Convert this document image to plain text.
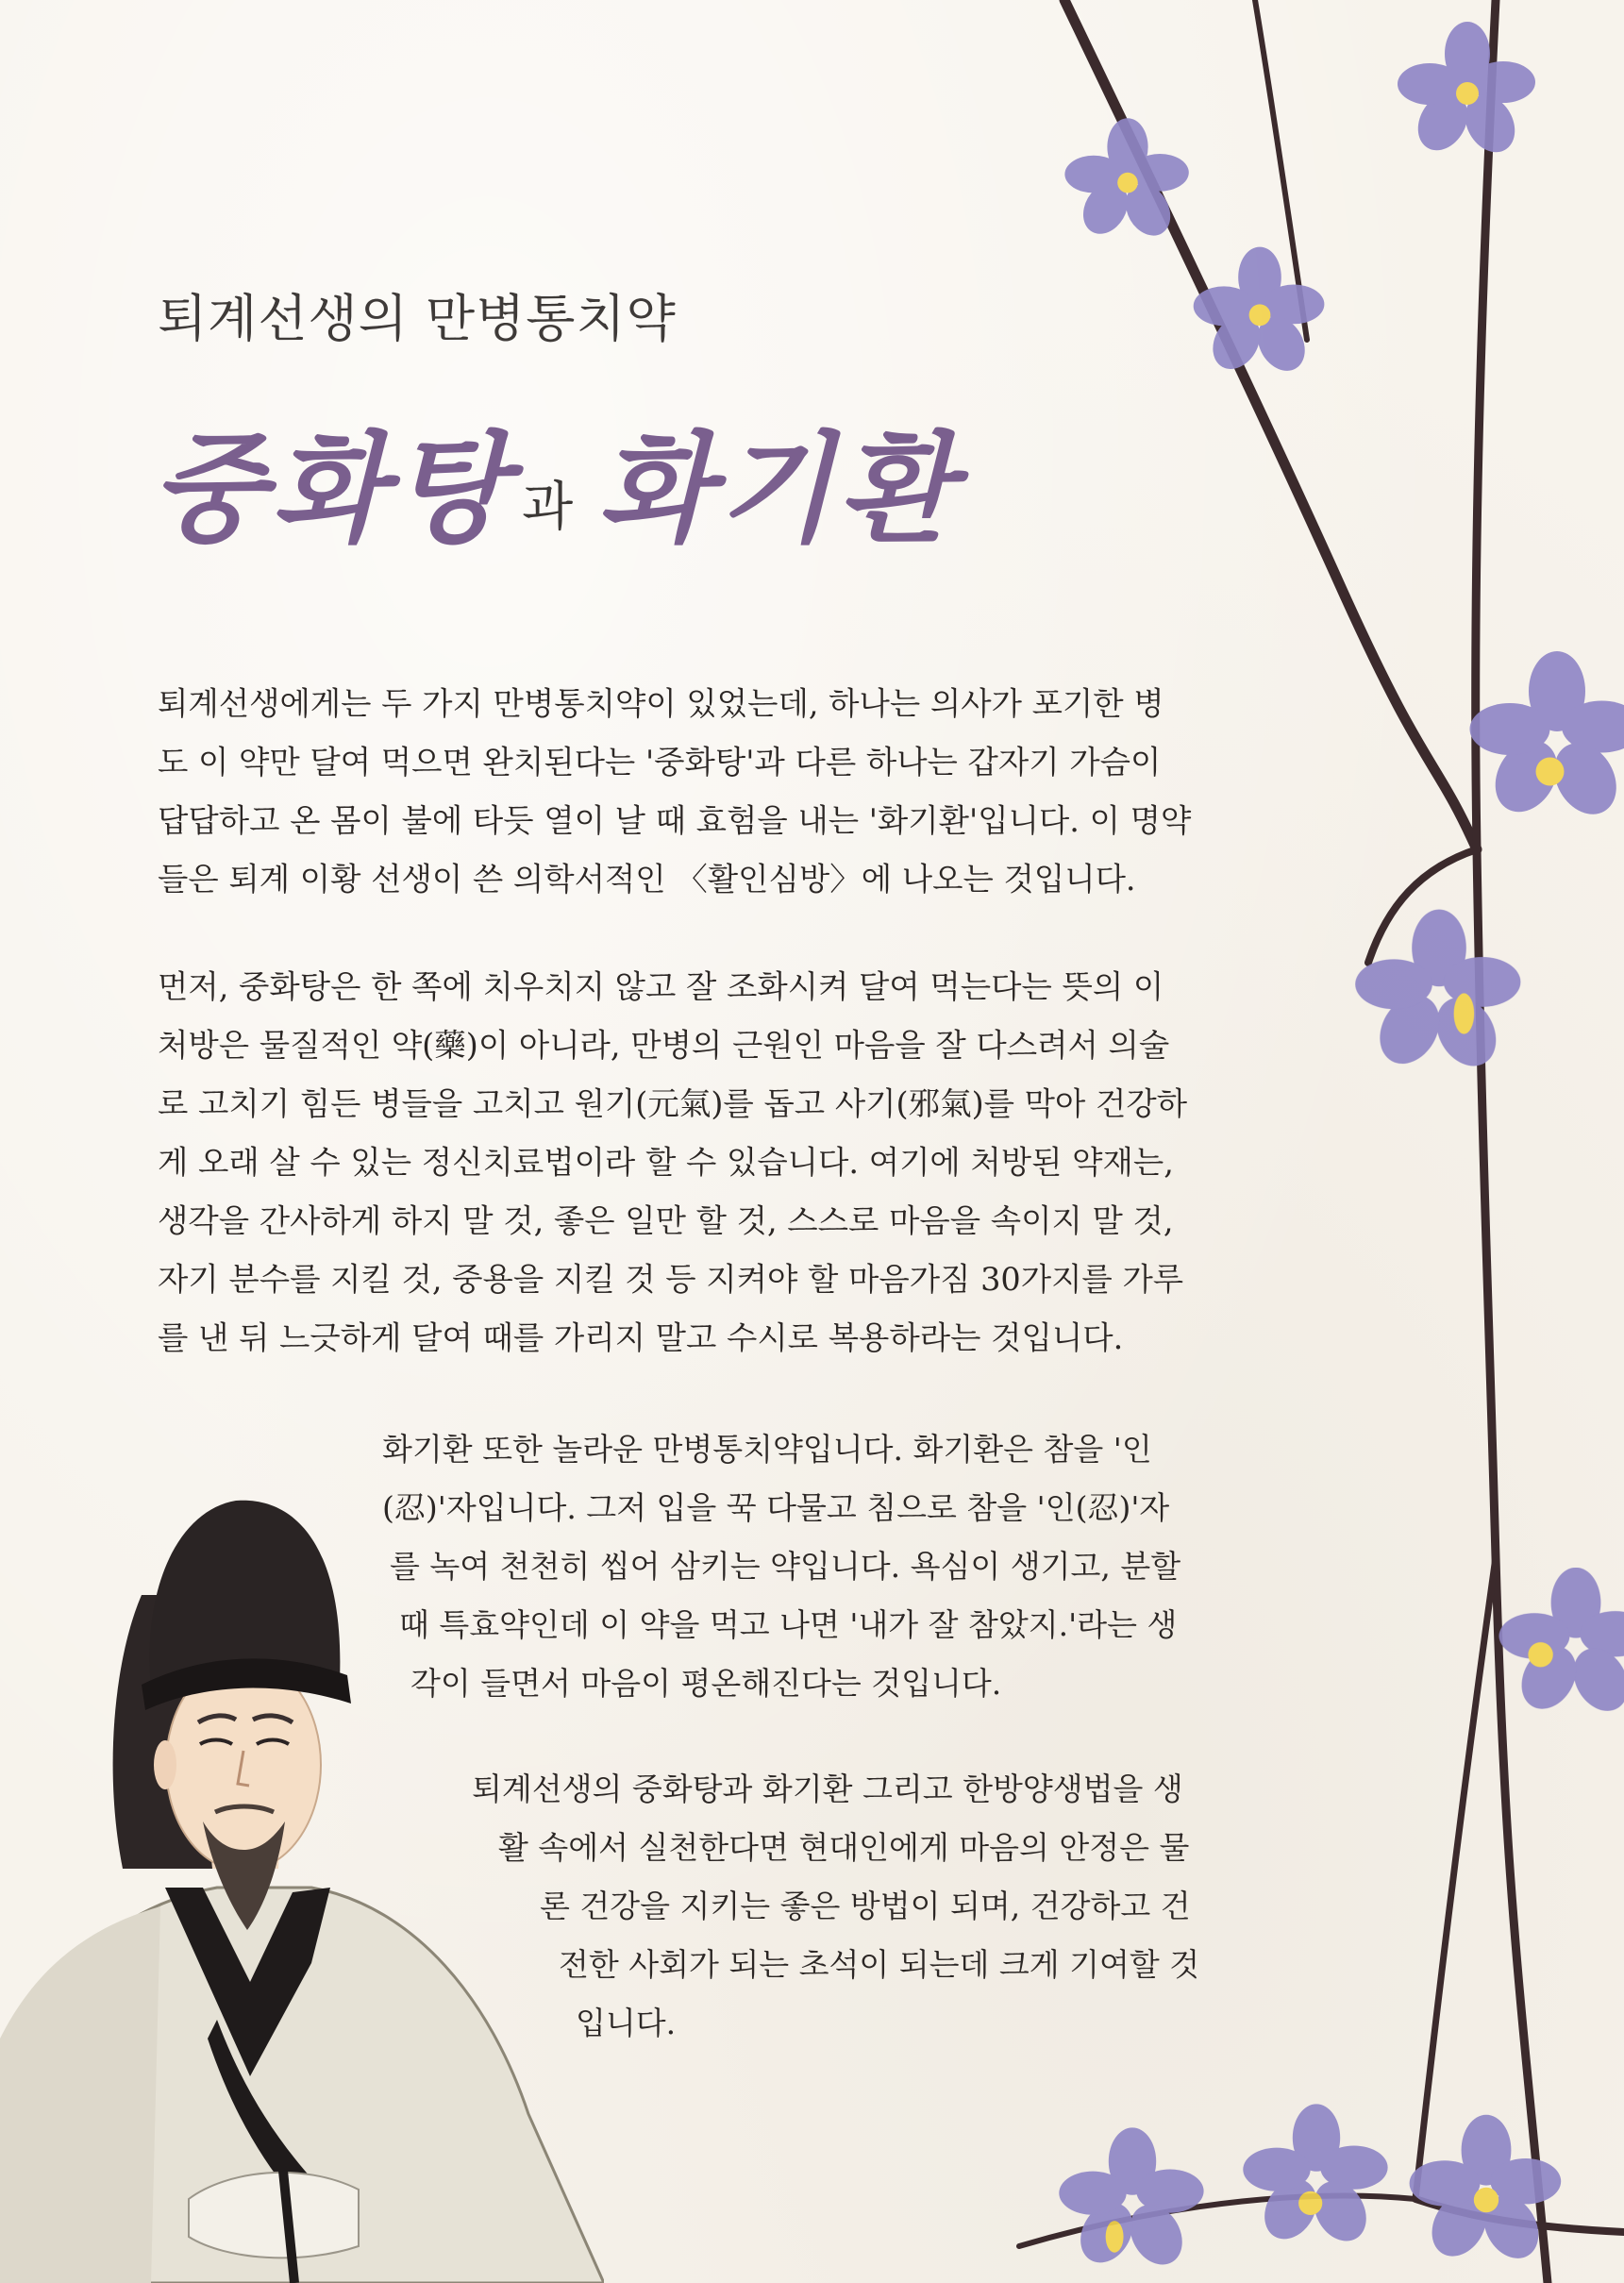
퇴계선생의 만병통치약
중화탕 과 화기환

퇴계선생에게는 두 가지 만병통치약이 있었는데, 하나는 의사가 포기한 병
도 이 약만 달여 먹으면 완치된다는 '중화탕'과 다른 하나는 갑자기 가슴이
답답하고 온 몸이 불에 타듯 열이 날 때 효험을 내는 '화기환'입니다. 이 명약
들은 퇴계 이황 선생이 쓴 의학서적인 〈활인심방〉에 나오는 것입니다.

먼저, 중화탕은 한 쪽에 치우치지 않고 잘 조화시켜 달여 먹는다는 뜻의 이
처방은 물질적인 약(藥)이 아니라, 만병의 근원인 마음을 잘 다스려서 의술
로 고치기 힘든 병들을 고치고 원기(元氣)를 돕고 사기(邪氣)를 막아 건강하
게 오래 살 수 있는 정신치료법이라 할 수 있습니다. 여기에 처방된 약재는,
생각을 간사하게 하지 말 것, 좋은 일만 할 것, 스스로 마음을 속이지 말 것,
자기 분수를 지킬 것, 중용을 지킬 것 등 지켜야 할 마음가짐 30가지를 가루
를 낸 뒤 느긋하게 달여 때를 가리지 말고 수시로 복용하라는 것입니다.

화기환 또한 놀라운 만병통치약입니다. 화기환은 참을 '인
(忍)'자입니다. 그저 입을 꾹 다물고 침으로 참을 '인(忍)'자
를 녹여 천천히 씹어 삼키는 약입니다. 욕심이 생기고, 분할
때 특효약인데 이 약을 먹고 나면 '내가 잘 참았지.'라는 생
각이 들면서 마음이 평온해진다는 것입니다.

퇴계선생의 중화탕과 화기환 그리고 한방양생법을 생
활 속에서 실천한다면 현대인에게 마음의 안정은 물
론 건강을 지키는 좋은 방법이 되며, 건강하고 건
전한 사회가 되는 초석이 되는데 크게 기여할 것
입니다.
